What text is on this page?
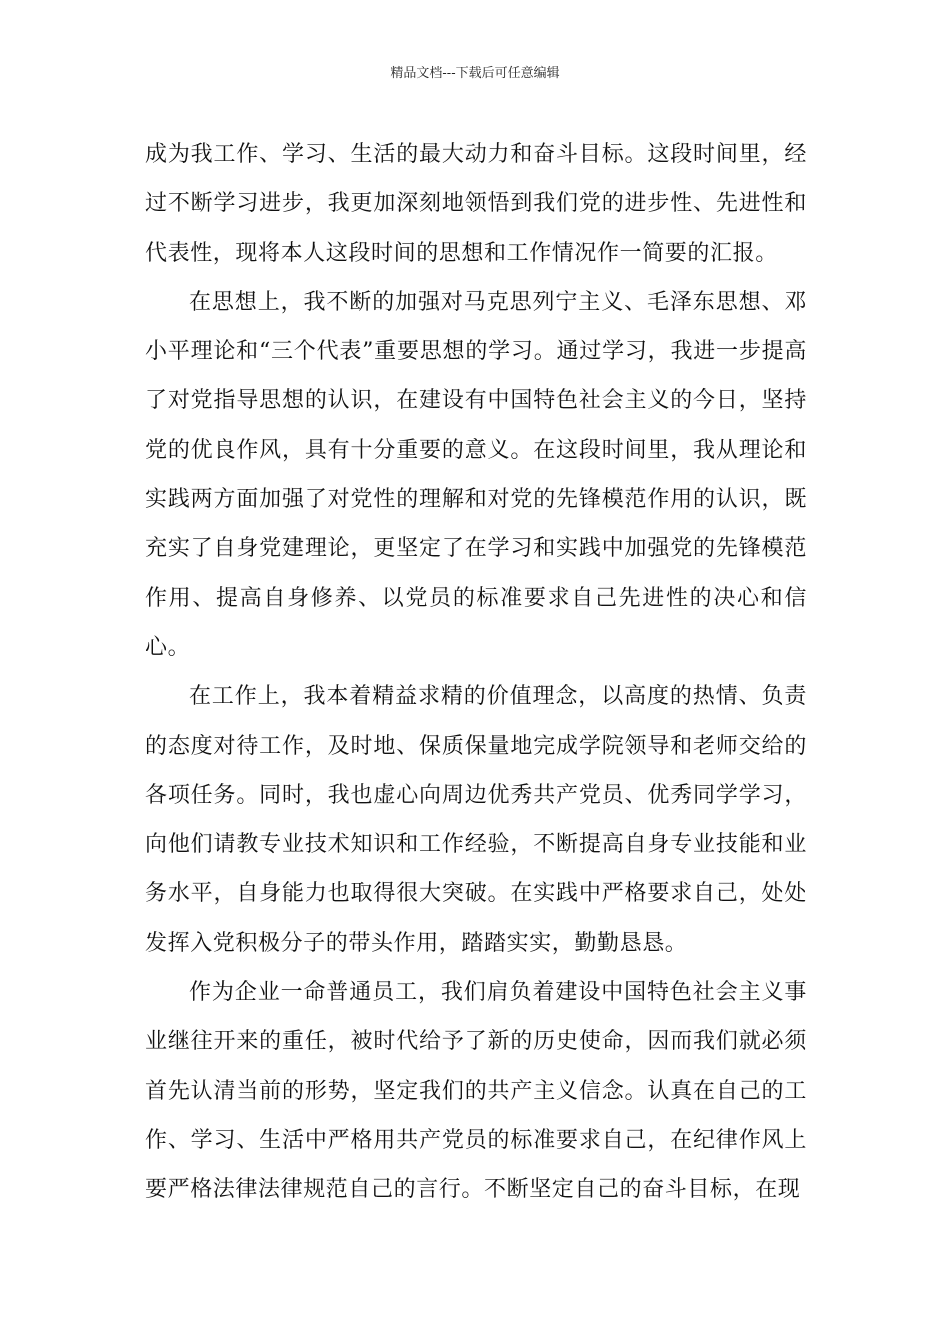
精品文档---下载后可任意编辑

成为我工作、学习、生活的最大动力和奋斗目标。这段时间里，经过不断学习进步，我更加深刻地领悟到我们党的进步性、先进性和代表性，现将本人这段时间的思想和工作情况作一简要的汇报。

在思想上，我不断的加强对马克思列宁主义、毛泽东思想、邓小平理论和“三个代表”重要思想的学习。通过学习，我进一步提高了对党指导思想的认识，在建设有中国特色社会主义的今日，坚持党的优良作风，具有十分重要的意义。在这段时间里，我从理论和实践两方面加强了对党性的理解和对党的先锋模范作用的认识，既充实了自身党建理论，更坚定了在学习和实践中加强党的先锋模范作用、提高自身修养、以党员的标准要求自己先进性的决心和信心。

在工作上，我本着精益求精的价值理念，以高度的热情、负责的态度对待工作，及时地、保质保量地完成学院领导和老师交给的各项任务。同时，我也虚心向周边优秀共产党员、优秀同学学习，向他们请教专业技术知识和工作经验，不断提高自身专业技能和业务水平，自身能力也取得很大突破。在实践中严格要求自己，处处发挥入党积极分子的带头作用，踏踏实实，勤勤恳恳。

作为企业一命普通员工，我们肩负着建设中国特色社会主义事业继往开来的重任，被时代给予了新的历史使命，因而我们就必须首先认清当前的形势，坚定我们的共产主义信念。认真在自己的工作、学习、生活中严格用共产党员的标准要求自己，在纪律作风上要严格法律法律规范自己的言行。不断坚定自己的奋斗目标，在现
